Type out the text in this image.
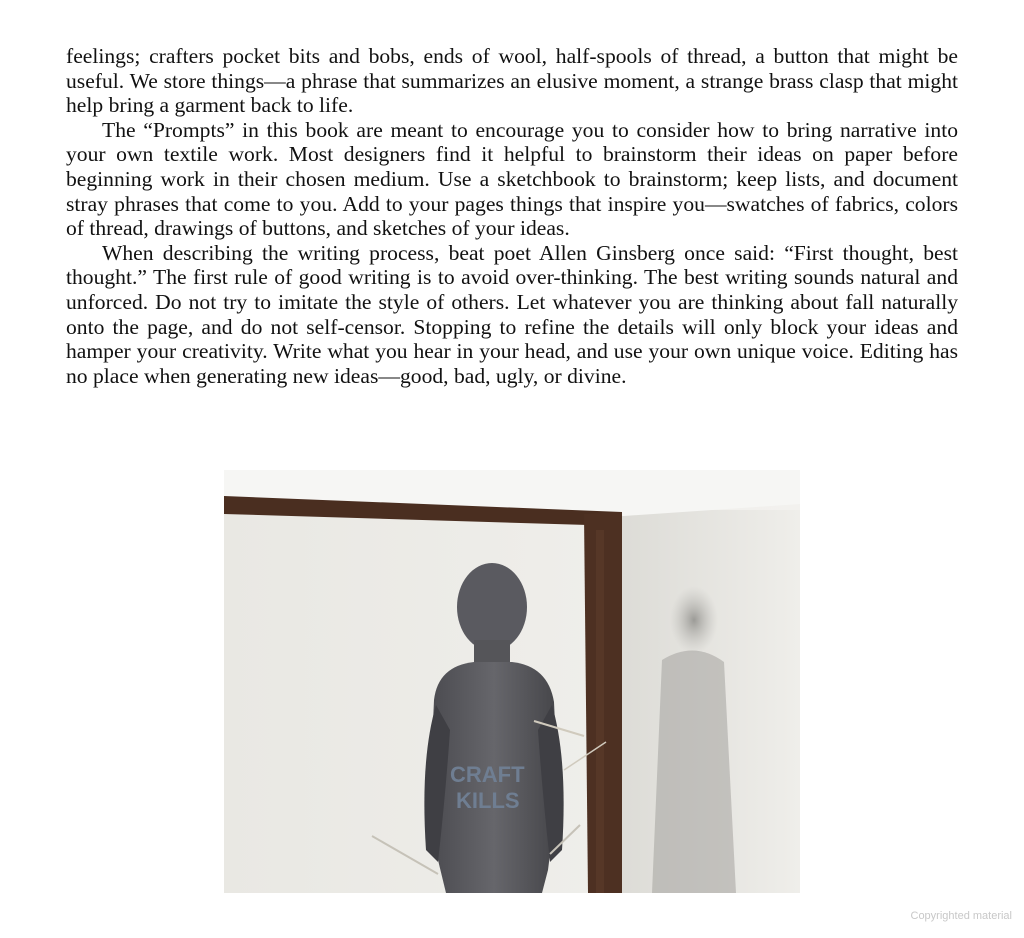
feelings; crafters pocket bits and bobs, ends of wool, half-spools of thread, a button that might be useful. We store things—a phrase that summarizes an elusive moment, a strange brass clasp that might help bring a garment back to life.

The “Prompts” in this book are meant to encourage you to consider how to bring narrative into your own textile work. Most designers find it helpful to brainstorm their ideas on paper before beginning work in their chosen medium. Use a sketchbook to brainstorm; keep lists, and document stray phrases that come to you. Add to your pages things that inspire you—swatches of fabrics, colors of thread, drawings of buttons, and sketches of your ideas.

When describing the writing process, beat poet Allen Ginsberg once said: “First thought, best thought.” The first rule of good writing is to avoid over-thinking. The best writing sounds natural and unforced. Do not try to imitate the style of others. Let whatever you are thinking about fall naturally onto the page, and do not self-censor. Stopping to refine the details will only block your ideas and hamper your creativity. Write what you hear in your head, and use your own unique voice. Editing has no place when generating new ideas—good, bad, ugly, or divine.

CRAFT
KILLS
Copyrighted material
